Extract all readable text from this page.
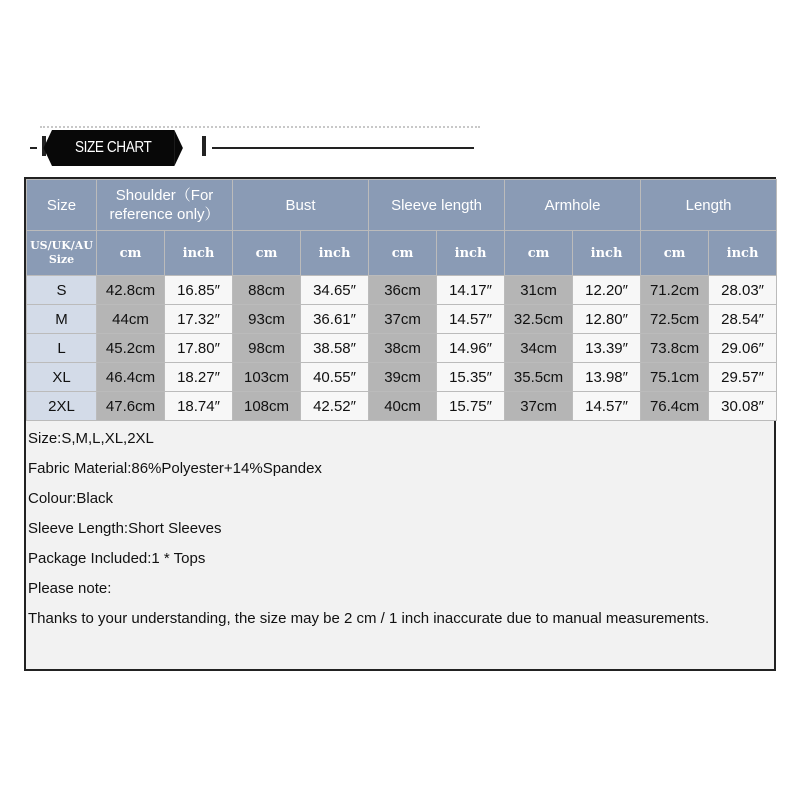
SIZE CHART
Size	Shoulder（For reference only）		Bust		Sleeve length		Armhole		Length	
US/UK/AU Size	cm	inch	cm	inch	cm	inch	cm	inch	cm	inch
S	42.8cm	16.85″	88cm	34.65″	36cm	14.17″	31cm	12.20″	71.2cm	28.03″
M	44cm	17.32″	93cm	36.61″	37cm	14.57″	32.5cm	12.80″	72.5cm	28.54″
L	45.2cm	17.80″	98cm	38.58″	38cm	14.96″	34cm	13.39″	73.8cm	29.06″
XL	46.4cm	18.27″	103cm	40.55″	39cm	15.35″	35.5cm	13.98″	75.1cm	29.57″
2XL	47.6cm	18.74″	108cm	42.52″	40cm	15.75″	37cm	14.57″	76.4cm	30.08″
Size:S,M,L,XL,2XL
Fabric Material:86%Polyester+14%Spandex
Colour:Black
Sleeve Length:Short Sleeves
Package Included:1 * Tops
Please note:
Thanks to your understanding, the size may be 2 cm / 1 inch inaccurate due to manual measurements.
